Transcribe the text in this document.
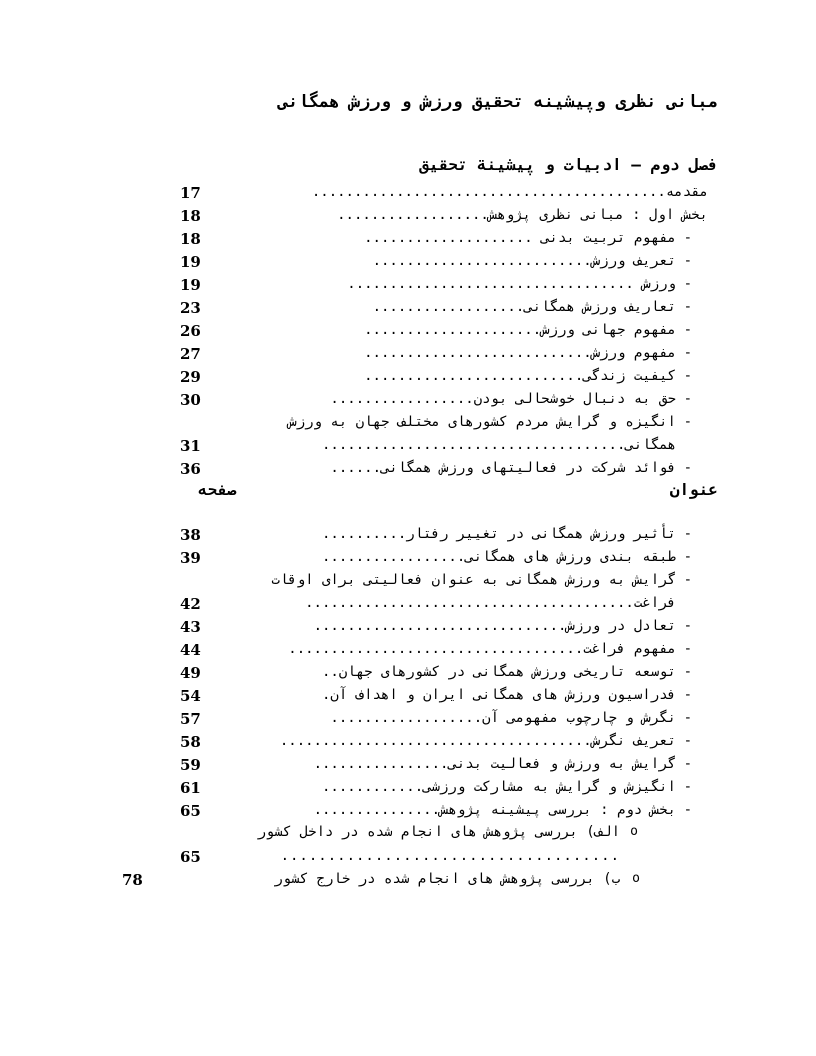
مبانی نظری وپیشینه تحقیق ورزش و ورزش همگانی
فصل دوم – ادبیات و پیشینة تحقیق
مقدمه..........................................
17
بخش اول : مبانی نظری پژوهش..................
18
-
مفهوم تربیت بدنی ....................
18
-
تعریف ورزش..........................
19
-
ورزش ..................................
19
-
تعاریف ورزش همگانی..................
23
-
مفهوم جهانی ورزش.....................
26
-
مفهوم ورزش...........................
27
-
کیفیت زندگی..........................
29
-
حق به دنبال خوشحالی بودن.................
30
-
انگیزه و گرایش مردم کشورهای مختلف جهان به ورزش
همگانی....................................
31
-
فوائد شرکت در فعالیتهای ورزش همگانی......
36
عنوان
صفحه
-
تأثیر ورزش همگانی در تغییر رفتار..........
38
-
طبقه بندی ورزش های همگانی.................
39
-
گرایش به ورزش همگانی به عنوان فعالیتی برای اوقات
فراغت.......................................
42
-
تعادل در ورزش..............................
43
-
مفهوم فراغت...................................
44
-
توسعه تاریخی ورزش همگانی در کشورهای جهان..
49
-
فدراسیون ورزش های همگانی ایران و اهداف آن.
54
-
نگرش و چارچوب مفهومی آن..................
57
-
تعریف نگرش.....................................
58
-
گرایش به ورزش و فعالیت بدنی................
59
-
انگیزش و گرایش به مشارکت ورزشی............
61
-
بخش دوم : بررسی پیشینه پژوهش...............
65
o
الف) بررسی پژوهش های انجام شده در داخل کشور
....................................
65
o
ب) بررسی پژوهش های انجام شده در خارج کشور
78
